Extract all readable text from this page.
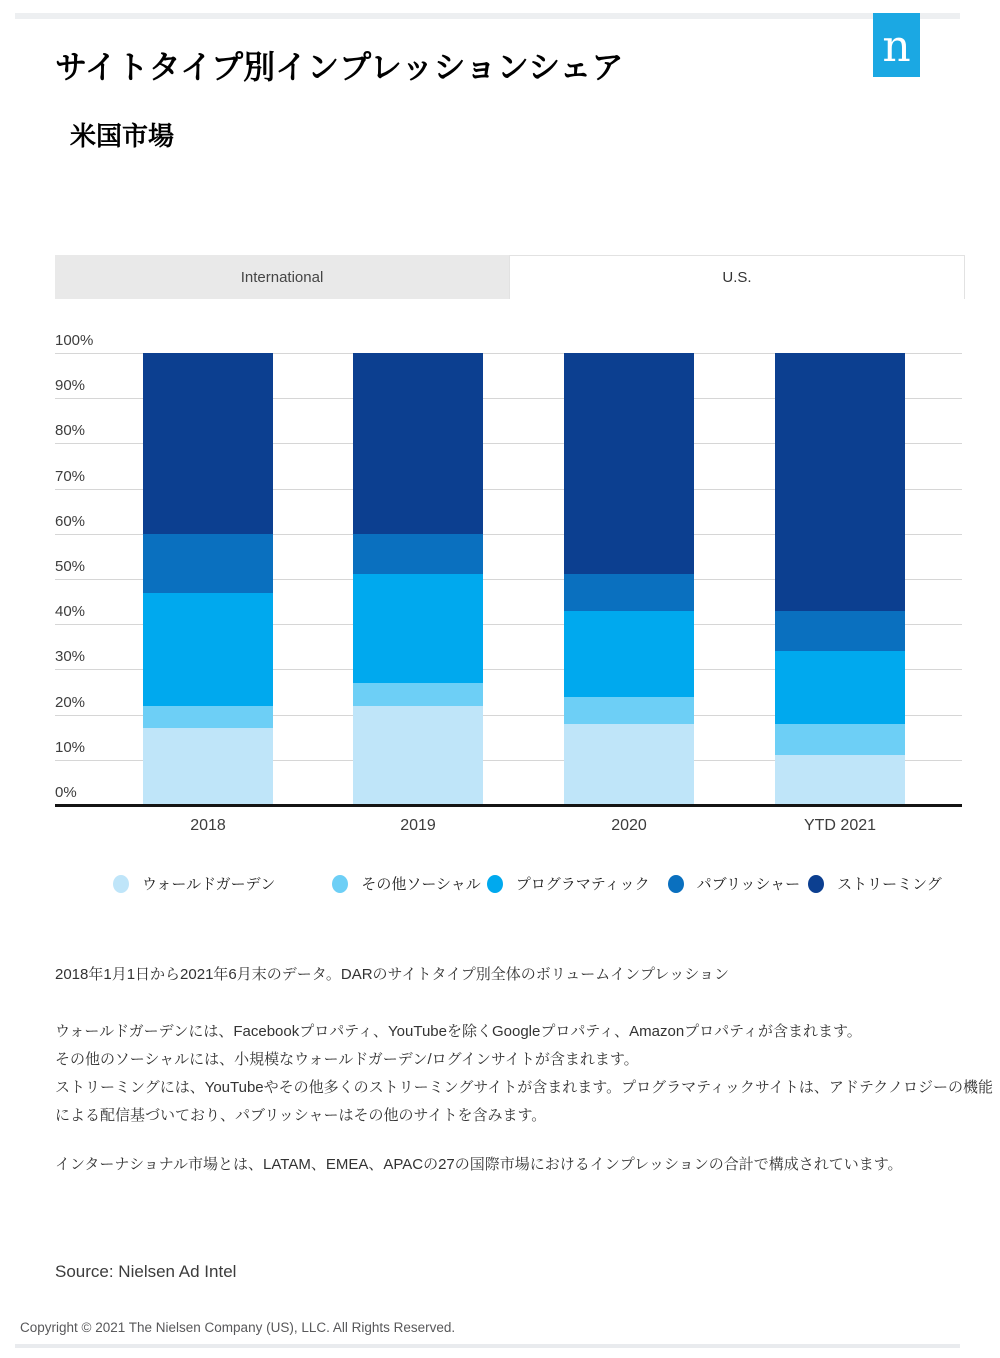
n
サイトタイプ別インプレッションシェア
米国市場
International	U.S.
0%
10%
20%
30%
40%
50%
60%
70%
80%
90%
100%
2018	2019	2020	YTD 2021
ウォールドガーデン	その他ソーシャル プログラマティック	パブリッシャー ストリーミング
2018年1月1日から2021年6月末のデータ。DARのサイトタイプ別全体のボリュームインプレッション
ウォールドガーデンには、Facebookプロパティ、YouTubeを除くGoogleプロパティ、Amazonプロパティが含まれます。
その他のソーシャルには、小規模なウォールドガーデン/ログインサイトが含まれます。
ストリーミングには、YouTubeやその他多くのストリーミングサイトが含まれます。プログラマティックサイトは、アドテクノロジーの機能
による配信基づいており、パブリッシャーはその他のサイトを含みます。
インターナショナル市場とは、LATAM、EMEA、APACの27の国際市場におけるインプレッションの合計で構成されています。
Source: Nielsen Ad Intel
Copyright © 2021 The Nielsen Company (US), LLC. All Rights Reserved.
